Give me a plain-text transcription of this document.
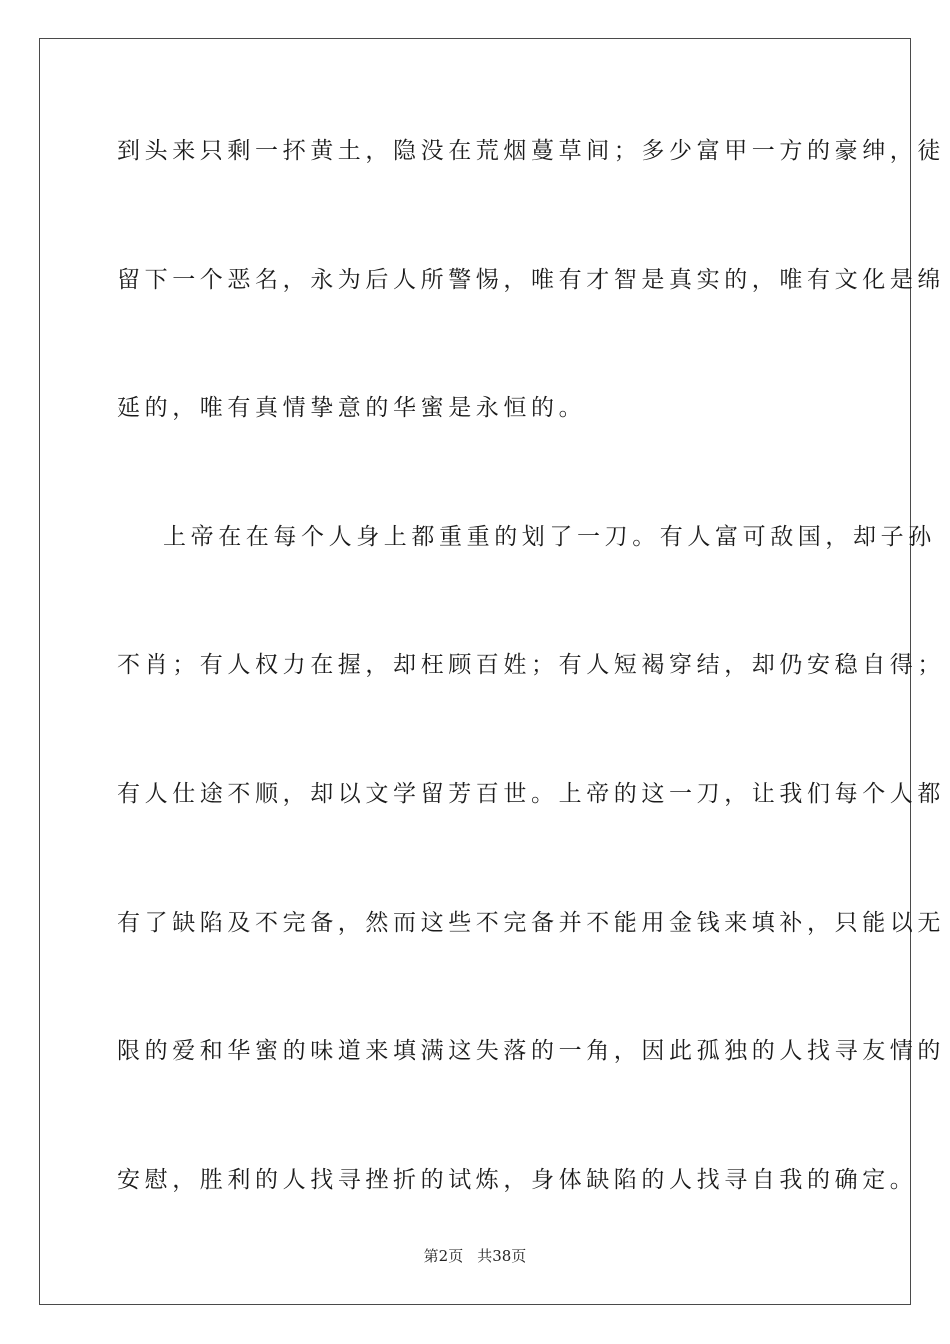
到头来只剩一抔黄土，隐没在荒烟蔓草间；多少富甲一方的豪绅，徒
留下一个恶名，永为后人所警惕，唯有才智是真实的，唯有文化是绵
延的，唯有真情挚意的华蜜是永恒的。
上帝在在每个人身上都重重的划了一刀。有人富可敌国，却子孙
不肖；有人权力在握，却枉顾百姓；有人短褐穿结，却仍安稳自得；
有人仕途不顺，却以文学留芳百世。上帝的这一刀，让我们每个人都
有了缺陷及不完备，然而这些不完备并不能用金钱来填补，只能以无
限的爱和华蜜的味道来填满这失落的一角，因此孤独的人找寻友情的
安慰，胜利的人找寻挫折的试炼，身体缺陷的人找寻自我的确定。
第2页 共38页
